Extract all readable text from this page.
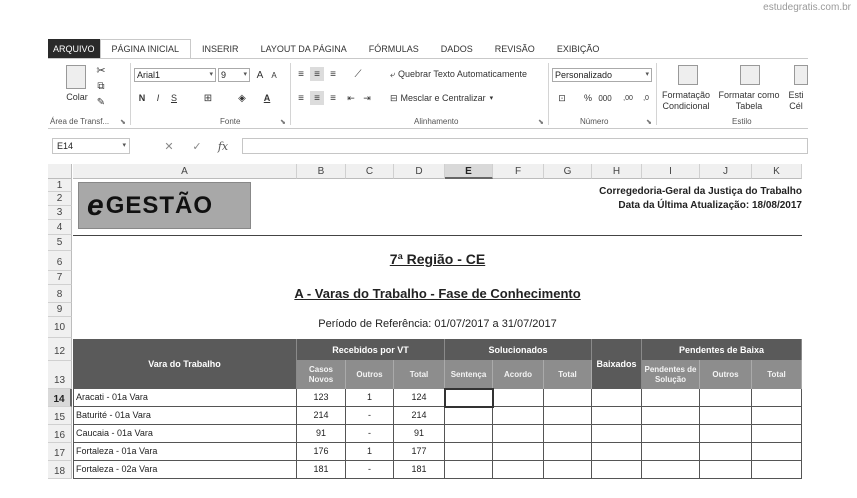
estudegratis.com.br
ARQUIVO	PÁGINA INICIAL	INSERIR	LAYOUT DA PÁGINA	FÓRMULAS	DADOS	REVISÃO	EXIBIÇÃO
Colar
✂
⧉
✎
Área de Transf... ⬊
Arial1	▾ 9 ▾ A	A
N	I	S	⊞	◈	A
Fonte	⬊
≡	≡	≡	⟋
≡	≡	≡	⇤ ⇥
⤶ Quebrar Texto Automaticamente
⊟ Mesclar e Centralizar ▾
Alinhamento	⬊
Personalizado	▾
⊡	% 000	,00	,0
Número	⬊
Formatação Condicional
Formatar como Tabela
Esti Cél
Estilo
E14	▾	✕	✓	fx
A	B	C	D	E	F	G	H	I	J	K
1
2
3
4
5
6
7
8
9
10
12
13
14
15
16
17
18
e GESTÃO	Corregedoria-Geral da Justiça do Trabalho
Data da Última Atualização: 18/08/2017
7ª Região - CE
A - Varas do Trabalho - Fase de Conhecimento
Período de Referência: 01/07/2017 a 31/07/2017
Vara do Trabalho
Recebidos por VT	Solucionados
Baixados
Pendentes de Baixa
Casos Novos
Outros	Total	Sentença	Acordo	Total
Pendentes de Solução
Outros	Total
Aracati - 01a Vara	123	1	124
Baturité - 01a Vara	214	-	214
Caucaia - 01a Vara	91	-	91
Fortaleza - 01a Vara	176	1	177
Fortaleza - 02a Vara	181	-	181
